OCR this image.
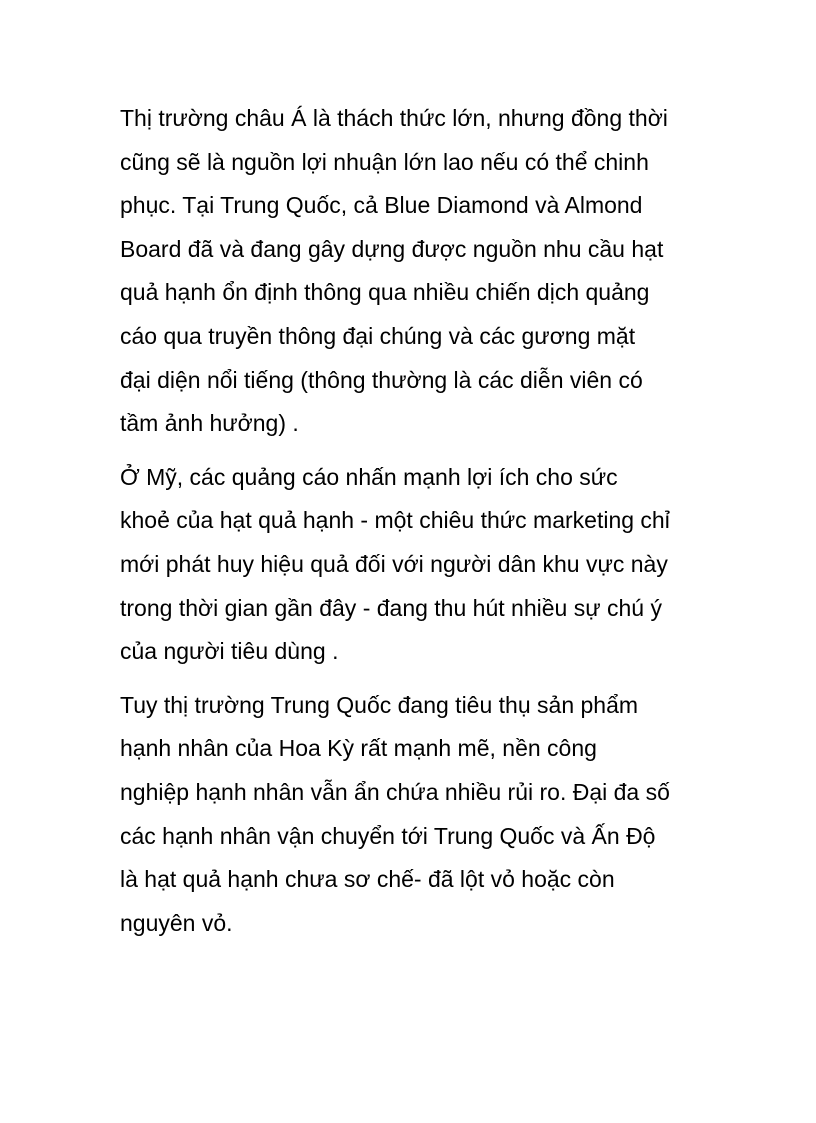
Thị trường châu Á là thách thức lớn, nhưng đồng thời
cũng sẽ là nguồn lợi nhuận lớn lao nếu có thể chinh
phục. Tại Trung Quốc, cả Blue Diamond và Almond
Board đã và đang gây dựng được nguồn nhu cầu hạt
quả hạnh ổn định thông qua nhiều chiến dịch quảng
cáo qua truyền thông đại chúng và các gương mặt
đại diện nổi tiếng (thông thường là các diễn viên có
tầm ảnh hưởng) .
Ở Mỹ, các quảng cáo nhấn mạnh lợi ích cho sức
khoẻ của hạt quả hạnh - một chiêu thức marketing chỉ
mới phát huy hiệu quả đối với người dân khu vực này
trong thời gian gần đây - đang thu hút nhiều sự chú ý
của người tiêu dùng .
Tuy thị trường Trung Quốc đang tiêu thụ sản phẩm
hạnh nhân của Hoa Kỳ rất mạnh mẽ, nền công
nghiệp hạnh nhân vẫn ẩn chứa nhiều rủi ro. Đại đa số
các hạnh nhân vận chuyển tới Trung Quốc và Ấn Độ
là hạt quả hạnh chưa sơ chế- đã lột vỏ hoặc còn
nguyên vỏ.
